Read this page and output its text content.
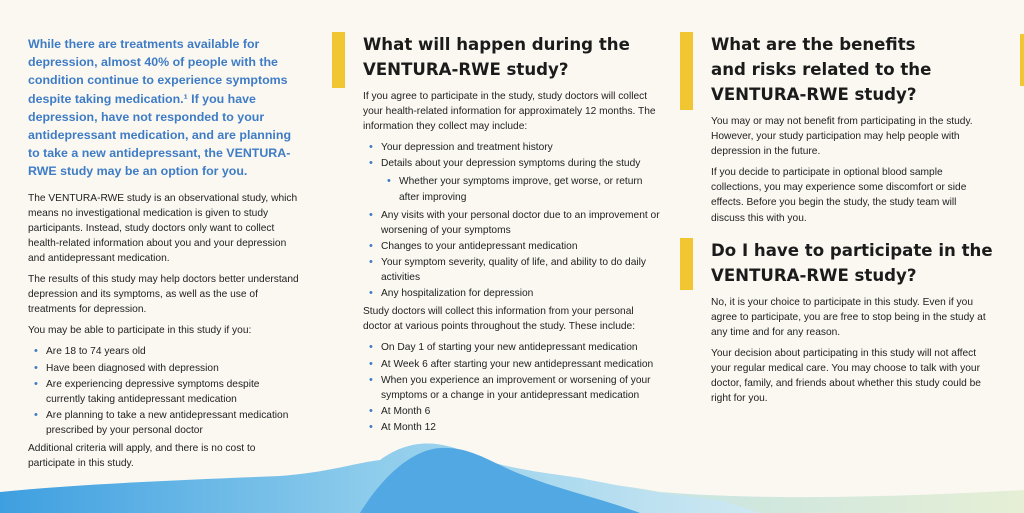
While there are treatments available for depression, almost 40% of people with the condition continue to experience symptoms despite taking medication.¹ If you have depression, have not responded to your antidepressant medication, and are planning to take a new antidepressant, the VENTURA-RWE study may be an option for you.

The VENTURA-RWE study is an observational study, which means no investigational medication is given to study participants. Instead, study doctors only want to collect health-related information about you and your depression and antidepressant medication.

The results of this study may help doctors better understand depression and its symptoms, as well as the use of treatments for depression.

You may be able to participate in this study if you:

• Are 18 to 74 years old
• Have been diagnosed with depression
• Are experiencing depressive symptoms despite currently taking antidepressant medication
• Are planning to take a new antidepressant medication prescribed by your personal doctor

Additional criteria will apply, and there is no cost to participate in this study.

What will happen during the
VENTURA-RWE study?

If you agree to participate in the study, study doctors will collect your health-related information for approximately 12 months. The information they collect may include:

• Your depression and treatment history
• Details about your depression symptoms during the study
• Whether your symptoms improve, get worse, or return after improving
• Any visits with your personal doctor due to an improvement or worsening of your symptoms
• Changes to your antidepressant medication
• Your symptom severity, quality of life, and ability to do daily activities
• Any hospitalization for depression

Study doctors will collect this information from your personal doctor at various points throughout the study. These include:

• On Day 1 of starting your new antidepressant medication
• At Week 6 after starting your new antidepressant medication
• When you experience an improvement or worsening of your symptoms or a change in your antidepressant medication
• At Month 6
• At Month 12
What are the benefits
and risks related to the
VENTURA-RWE study?

You may or may not benefit from participating in the study. However, your study participation may help people with depression in the future.

If you decide to participate in optional blood sample collections, you may experience some discomfort or side effects. Before you begin the study, the study team will discuss this with you.

Do I have to participate in the
VENTURA-RWE study?

No, it is your choice to participate in this study. Even if you agree to participate, you are free to stop being in the study at any time and for any reason.

Your decision about participating in this study will not affect your regular medical care. You may choose to talk with your doctor, family, and friends about whether this study could be right for you.
